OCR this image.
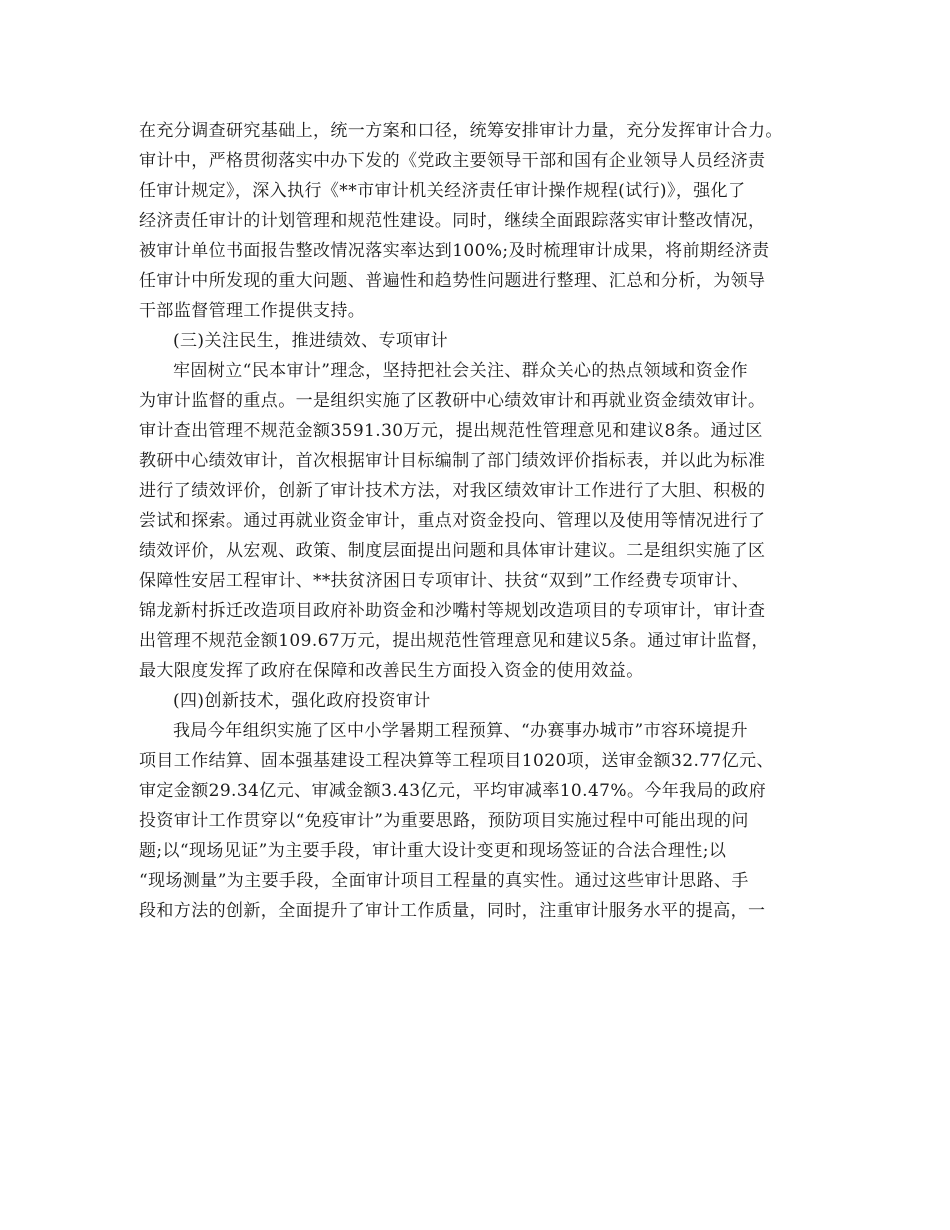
在充分调查研究基础上，统一方案和口径，统筹安排审计力量，充分发挥审计合力。
审计中，严格贯彻落实中办下发的《党政主要领导干部和国有企业领导人员经济责
任审计规定》，深入执行《**市审计机关经济责任审计操作规程(试行)》，强化了
经济责任审计的计划管理和规范性建设。同时，继续全面跟踪落实审计整改情况，
被审计单位书面报告整改情况落实率达到100%;及时梳理审计成果，将前期经济责
任审计中所发现的重大问题、普遍性和趋势性问题进行整理、汇总和分析，为领导
干部监督管理工作提供支持。
(三)关注民生，推进绩效、专项审计
牢固树立“民本审计”理念，坚持把社会关注、群众关心的热点领域和资金作
为审计监督的重点。一是组织实施了区教研中心绩效审计和再就业资金绩效审计。
审计查出管理不规范金额3591.30万元，提出规范性管理意见和建议8条。通过区
教研中心绩效审计，首次根据审计目标编制了部门绩效评价指标表，并以此为标准
进行了绩效评价，创新了审计技术方法，对我区绩效审计工作进行了大胆、积极的
尝试和探索。通过再就业资金审计，重点对资金投向、管理以及使用等情况进行了
绩效评价，从宏观、政策、制度层面提出问题和具体审计建议。二是组织实施了区
保障性安居工程审计、**扶贫济困日专项审计、扶贫“双到”工作经费专项审计、
锦龙新村拆迁改造项目政府补助资金和沙嘴村等规划改造项目的专项审计，审计查
出管理不规范金额109.67万元，提出规范性管理意见和建议5条。通过审计监督，
最大限度发挥了政府在保障和改善民生方面投入资金的使用效益。
(四)创新技术，强化政府投资审计
我局今年组织实施了区中小学暑期工程预算、“办赛事办城市”市容环境提升
项目工作结算、固本强基建设工程决算等工程项目1020项，送审金额32.77亿元、
审定金额29.34亿元、审减金额3.43亿元，平均审减率10.47%。今年我局的政府
投资审计工作贯穿以“免疫审计”为重要思路，预防项目实施过程中可能出现的问
题;以“现场见证”为主要手段，审计重大设计变更和现场签证的合法合理性;以
“现场测量”为主要手段，全面审计项目工程量的真实性。通过这些审计思路、手
段和方法的创新，全面提升了审计工作质量，同时，注重审计服务水平的提高，一
